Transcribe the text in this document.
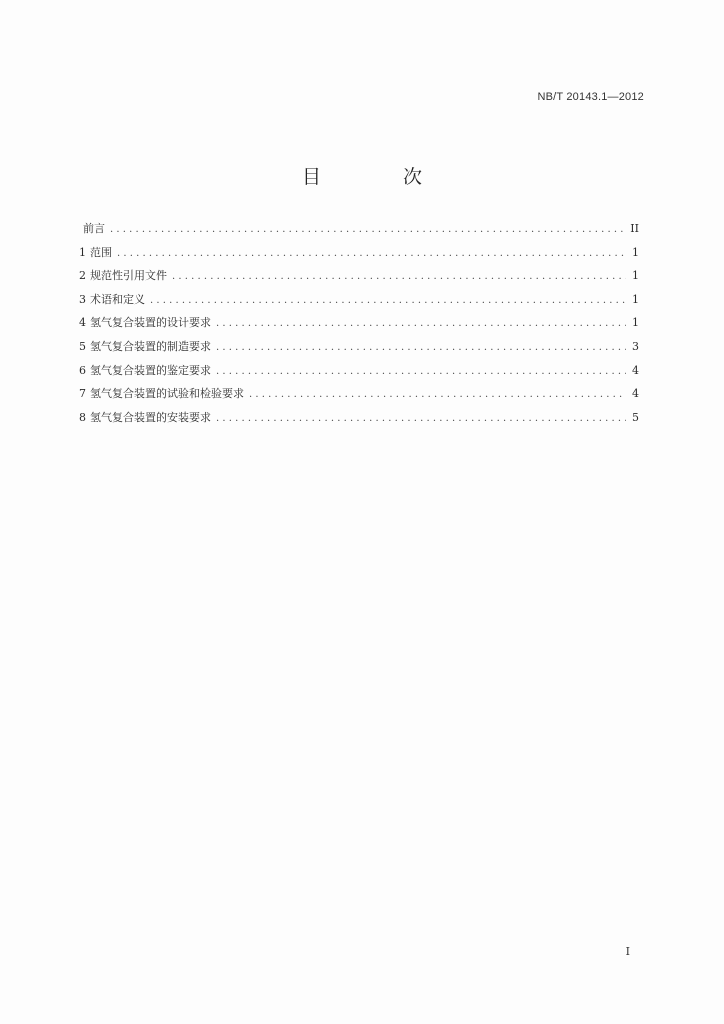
NB/T 20143.1—2012
目 次
前言 .....	II
1 范围 .....	1
2 规范性引用文件 .....	1
3 术语和定义 .....	1
4 氢气复合装置的设计要求 .....	1
5 氢气复合装置的制造要求 .....	3
6 氢气复合装置的鉴定要求 .....	4
7 氢气复合装置的试验和检验要求 .....	4
8 氢气复合装置的安装要求 .....	5
I
